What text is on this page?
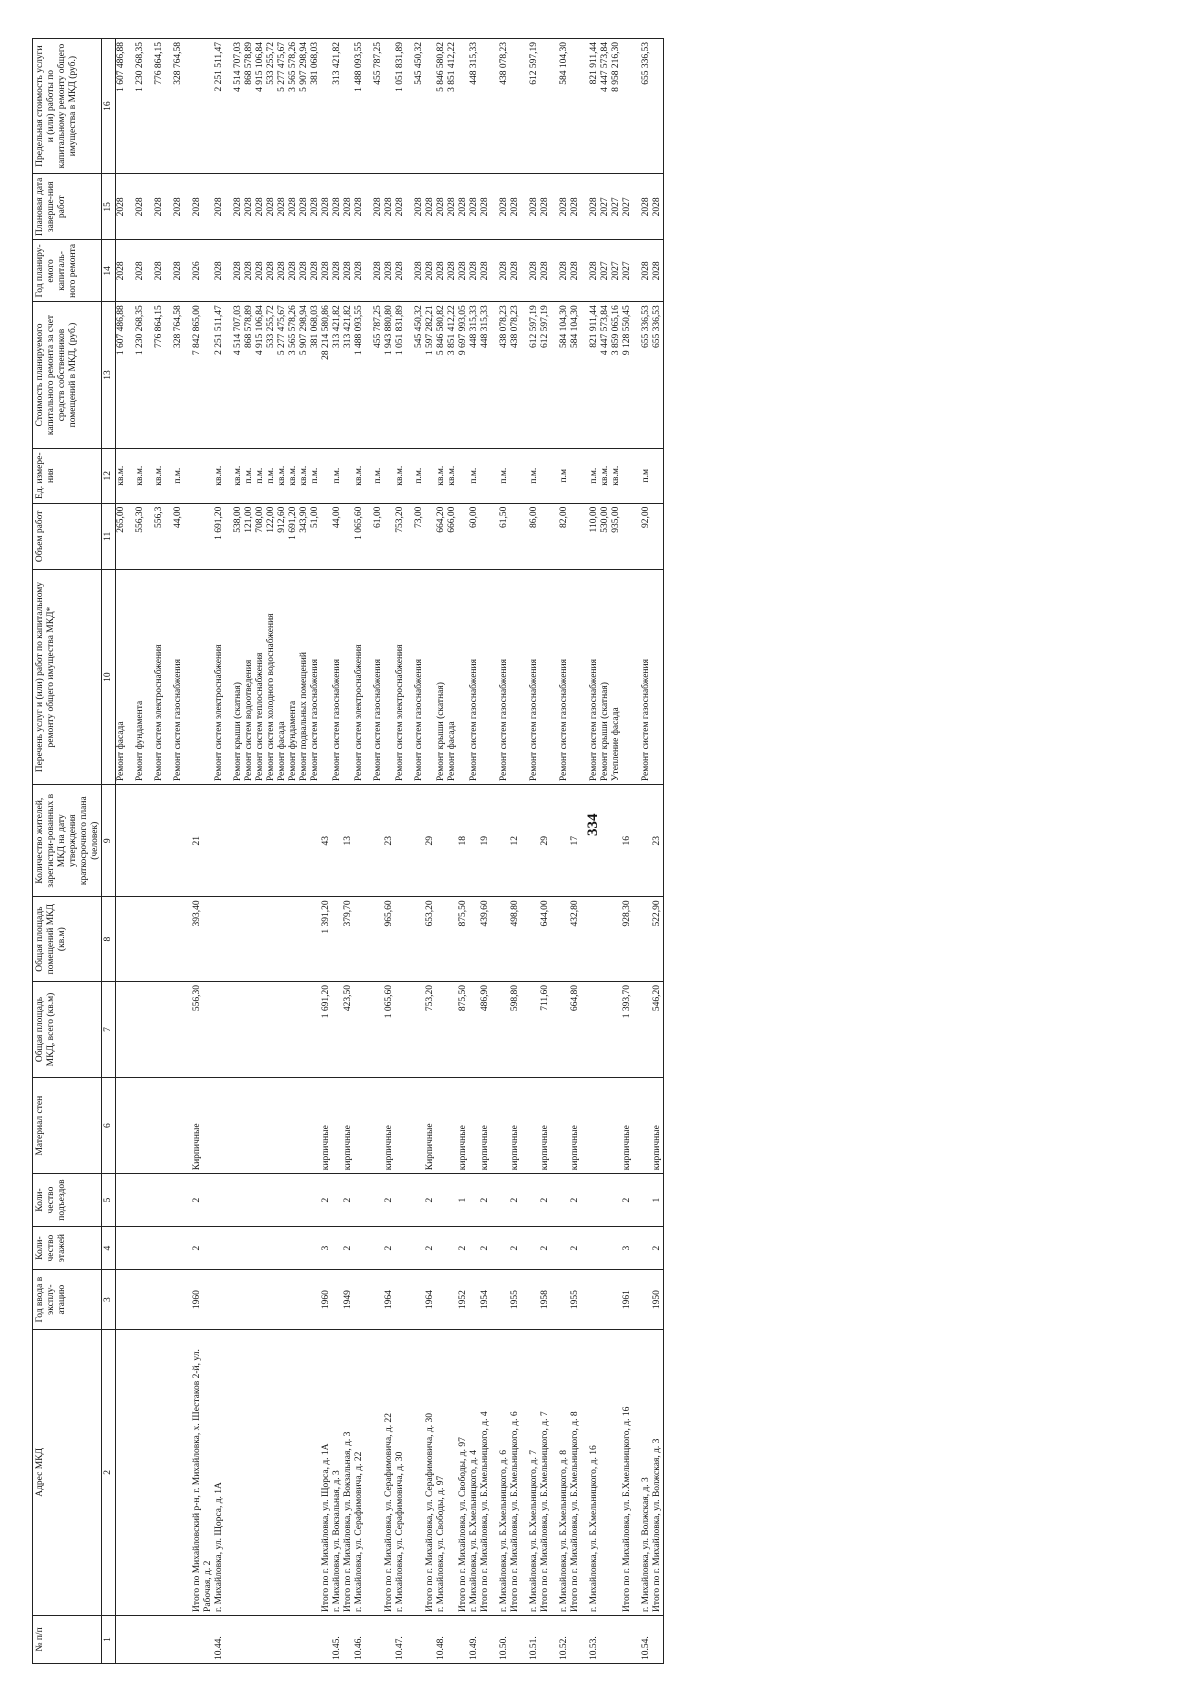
334
№ п/п	Адрес МКД	Год ввода в эксплу-атацию	Коли-чество этажей	Коли-чество подъездов	Материал стен	Общая площадь МКД, всего (кв.м)	Общая площадь помещений МКД (кв.м)	Количество жителей, зарегистри-рованных в МКД на дату утверждения краткосрочного плана (человек)	Перечень услуг и (или) работ по капитальному ремонту общего имущества МКД*	Объем работ	Ед. измере-ния	Стоимость планируемого капитального ремонта за счет средств собственников помещений в МКД, (руб.)	Год планиру-емого капиталь-ного ремонта	Плановая дата заверше-ния работ	Предельная стоимость услуги и (или) работы по капитальному ремонту общего имущества в МКД (руб.)
1	2	3	4	5	6	7	8	9	10	11	12	13	14	15	16
									Ремонт фасада	265,00	кв.м.	1 607 486,88	2028	2028	1 607 486,88

									Ремонт фундамента	556,30	кв.м.	1 230 268,35	2028	2028	1 230 268,35

									Ремонт систем электроснабжения	556,3	кв.м.	776 864,15	2028	2028	776 864,15

									Ремонт систем газоснабжения	44,00	п.м.	328 764,58	2028	2028	328 764,58

	Итого по Михайловский р-н, г. Михайловка, х. Шестаков 2-й, ул. Рабочая, д. 2	1960	2	2	Кирпичные	556,30	393,40	21				7 842 865,00	2026	2028	
10.44.	г. Михайловка, ул. Щорса, д. 1А								Ремонт систем электроснабжения	1 691,20	кв.м.	2 251 511,47	2028	2028	2 251 511,47

									Ремонт крыши (скатная)	538,00	кв.м.	4 514 707,03	2028	2028	4 514 707,03
									Ремонт систем водоотведения	121,00	п.м.	868 578,89	2028	2028	868 578,89
									Ремонт систем теплоснабжения	708,00	п.м.	4 915 106,84	2028	2028	4 915 106,84
									Ремонт систем холодного водоснабжения	122,00	п.м.	533 255,72	2028	2028	533 255,72
									Ремонт фасада	912,60	кв.м.	5 277 475,67	2028	2028	5 277 475,67
									Ремонт фундамента	1 691,20	кв.м.	3 565 578,26	2028	2028	3 565 578,26
									Ремонт подвальных помещений	343,90	кв.м.	5 907 298,94	2028	2028	5 907 298,94
									Ремонт систем газоснабжения	51,00	п.м.	381 068,03	2028	2028	381 068,03
	Итого по г. Михайловка, ул. Щорса, д. 1А	1960	3	2	кирпичные	1 691,20	1 391,20	43				28 214 580,86	2028	2028	
10.45.	г. Михайловка, ул. Вокзальная, д. 3								Ремонт систем газоснабжения	44,00	п.м.	313 421,82	2028	2028	313 421,82
	Итого по г. Михайловка, ул. Вокзальная, д. 3	1949	2	2	кирпичные	423,50	379,70	13				313 421,82	2028	2028	
10.46.	г. Михайловка, ул. Серафимовича, д. 22								Ремонт систем электроснабжения	1 065,60	кв.м.	1 488 093,55	2028	2028	1 488 093,55

									Ремонт систем газоснабжения	61,00	п.м.	455 787,25	2028	2028	455 787,25
	Итого по г. Михайловка, ул. Серафимовича, д. 22	1964	2	2	кирпичные	1 065,60	965,60	23				1 943 880,80	2028	2028	
10.47.	г. Михайловка, ул. Серафимовича, д. 30								Ремонт систем электроснабжения	753,20	кв.м.	1 051 831,89	2028	2028	1 051 831,89

									Ремонт систем газоснабжения	73,00	п.м.	545 450,32	2028	2028	545 450,32
	Итого по г. Михайловка, ул. Серафимовича, д. 30	1964	2	2	Кирпичные	753,20	653,20	29				1 597 282,21	2028	2028	
10.48.	г. Михайловка, ул. Свободы, д. 97								Ремонт крыши (скатная)	664,20	кв.м.	5 846 580,82	2028	2028	5 846 580,82
									Ремонт фасада	666,00	кв.м.	3 851 412,22	2028	2028	3 851 412,22
	Итого по г. Михайловка, ул. Свободы, д. 97	1952	2	1	кирпичные	875,50	875,50	18				9 697 993,05	2028	2028	
10.49.	г. Михайловка, ул. Б.Хмельницкого, д. 4								Ремонт систем газоснабжения	60,00	п.м.	448 315,33	2028	2028	448 315,33
	Итого по г. Михайловка, ул. Б.Хмельницкого, д. 4	1954	2	2	кирпичные	486,90	439,60	19				448 315,33	2028	2028	

10.50.	г. Михайловка, ул. Б.Хмельницкого, д. 6								Ремонт систем газоснабжения	61,50	п.м.	438 078,23	2028	2028	438 078,23
	Итого по г. Михайловка, ул. Б.Хмельницкого, д. 6	1955	2	2	кирпичные	598,80	498,80	12				438 078,23	2028	2028	

10.51.	г. Михайловка, ул. Б.Хмельницкого, д. 7								Ремонт систем газоснабжения	86,00	п.м.	612 597,19	2028	2028	612 597,19
	Итого по г. Михайловка, ул. Б.Хмельницкого, д. 7	1958	2	2	кирпичные	711,60	644,00	29				612 597,19	2028	2028	

10.52.	г. Михайловка, ул. Б.Хмельницкого, д. 8								Ремонт систем газоснабжения	82,00	п.м	584 104,30	2028	2028	584 104,30
	Итого по г. Михайловка, ул. Б.Хмельницкого, д. 8	1955	2	2	кирпичные	664,80	432,80	17				584 104,30	2028	2028	

10.53.	г. Михайловка, ул. Б.Хмельницкого, д. 16								Ремонт систем газоснабжения	110,00	п.м.	821 911,44	2028	2028	821 911,44
									Ремонт крыши (скатная)	530,00	кв.м.	4 447 573,84	2027	2027	4 447 573,84
									Утепление фасада	935,00	кв.м.	3 859 065,16	2027	2027	8 958 216,30
	Итого по г. Михайловка, ул. Б.Хмельницкого, д. 16	1961	3	2	кирпичные	1 393,70	928,30	16				9 128 550,45	2027	2027	

10.54.	г. Михайловка, ул. Волжская, д. 3								Ремонт систем газоснабжения	92,00	п.м	655 336,53	2028	2028	655 336,53
	Итого по г. Михайловка, ул. Волжская, д. 3	1950	2	1	кирпичные	546,20	522,90	23				655 336,53	2028	2028	
